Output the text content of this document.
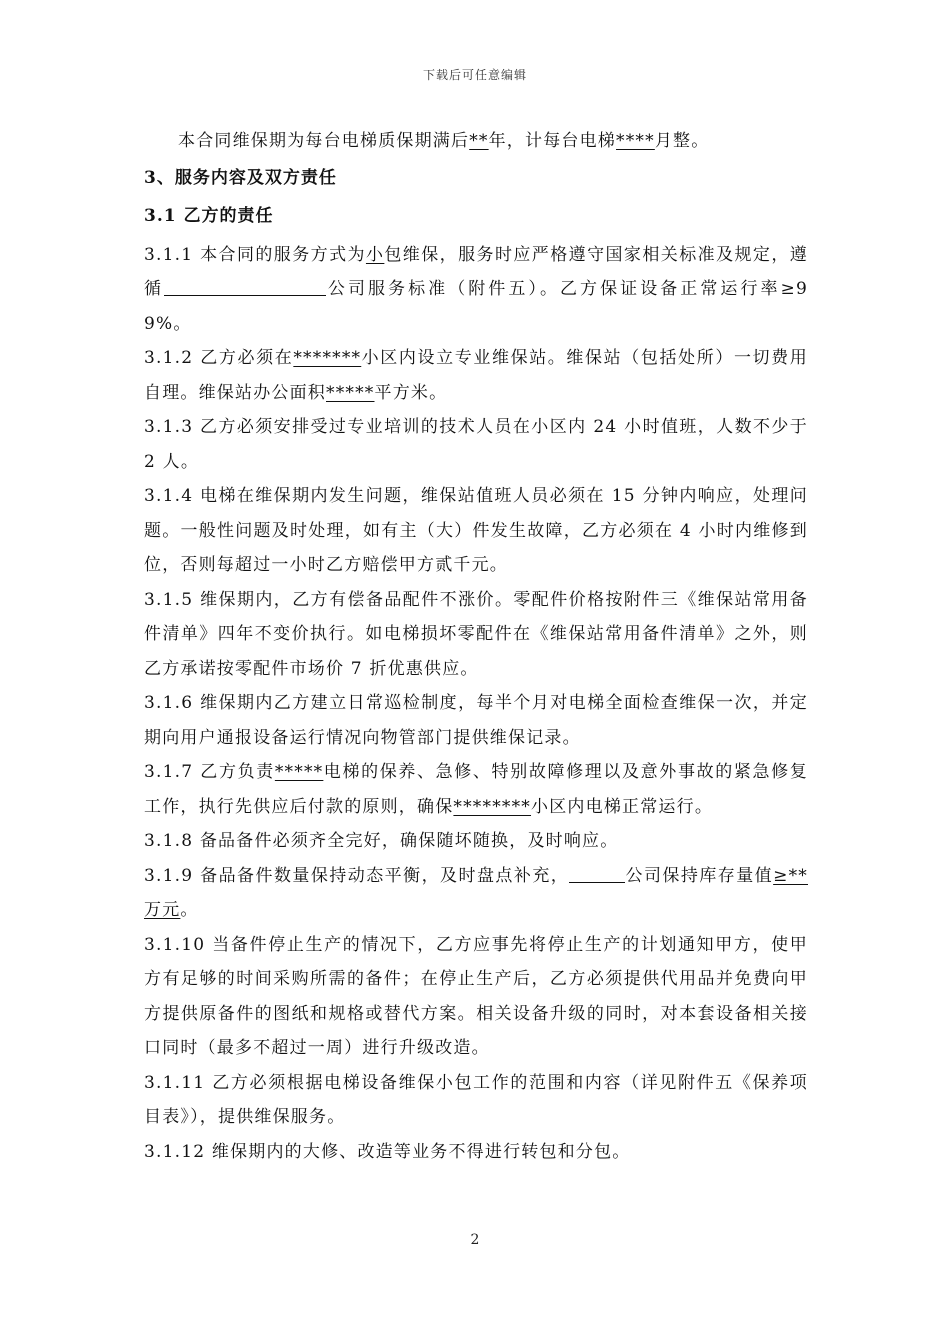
下载后可任意编辑

本合同维保期为每台电梯质保期满后**年，计每台电梯****月整。

3、服务内容及双方责任

3.1 乙方的责任

3.1.1 本合同的服务方式为小包维保，服务时应严格遵守国家相关标准及规定，遵循	公司服务标准（附件五）。乙方保证设备正常运行率≥99%。

3.1.2 乙方必须在*******小区内设立专业维保站。维保站（包括处所）一切费用自理。维保站办公面积*****平方米。

3.1.3 乙方必须安排受过专业培训的技术人员在小区内 24 小时值班，人数不少于 2 人。

3.1.4 电梯在维保期内发生问题，维保站值班人员必须在 15 分钟内响应，处理问题。一般性问题及时处理，如有主（大）件发生故障，乙方必须在 4 小时内维修到位，否则每超过一小时乙方赔偿甲方贰千元。

3.1.5 维保期内，乙方有偿备品配件不涨价。零配件价格按附件三《维保站常用备件清单》四年不变价执行。如电梯损坏零配件在《维保站常用备件清单》之外，则乙方承诺按零配件市场价 7 折优惠供应。

3.1.6 维保期内乙方建立日常巡检制度，每半个月对电梯全面检查维保一次，并定期向用户通报设备运行情况向物管部门提供维保记录。

3.1.7 乙方负责*****电梯的保养、急修、特别故障修理以及意外事故的紧急修复工作，执行先供应后付款的原则，确保********小区内电梯正常运行。

3.1.8 备品备件必须齐全完好，确保随坏随换，及时响应。

3.1.9 备品备件数量保持动态平衡，及时盘点补充，	公司保持库存量值≥**万元。

3.1.10 当备件停止生产的情况下，乙方应事先将停止生产的计划通知甲方，使甲方有足够的时间采购所需的备件；在停止生产后，乙方必须提供代用品并免费向甲方提供原备件的图纸和规格或替代方案。相关设备升级的同时，对本套设备相关接口同时（最多不超过一周）进行升级改造。

3.1.11 乙方必须根据电梯设备维保小包工作的范围和内容（详见附件五《保养项目表》），提供维保服务。

3.1.12 维保期内的大修、改造等业务不得进行转包和分包。

2
